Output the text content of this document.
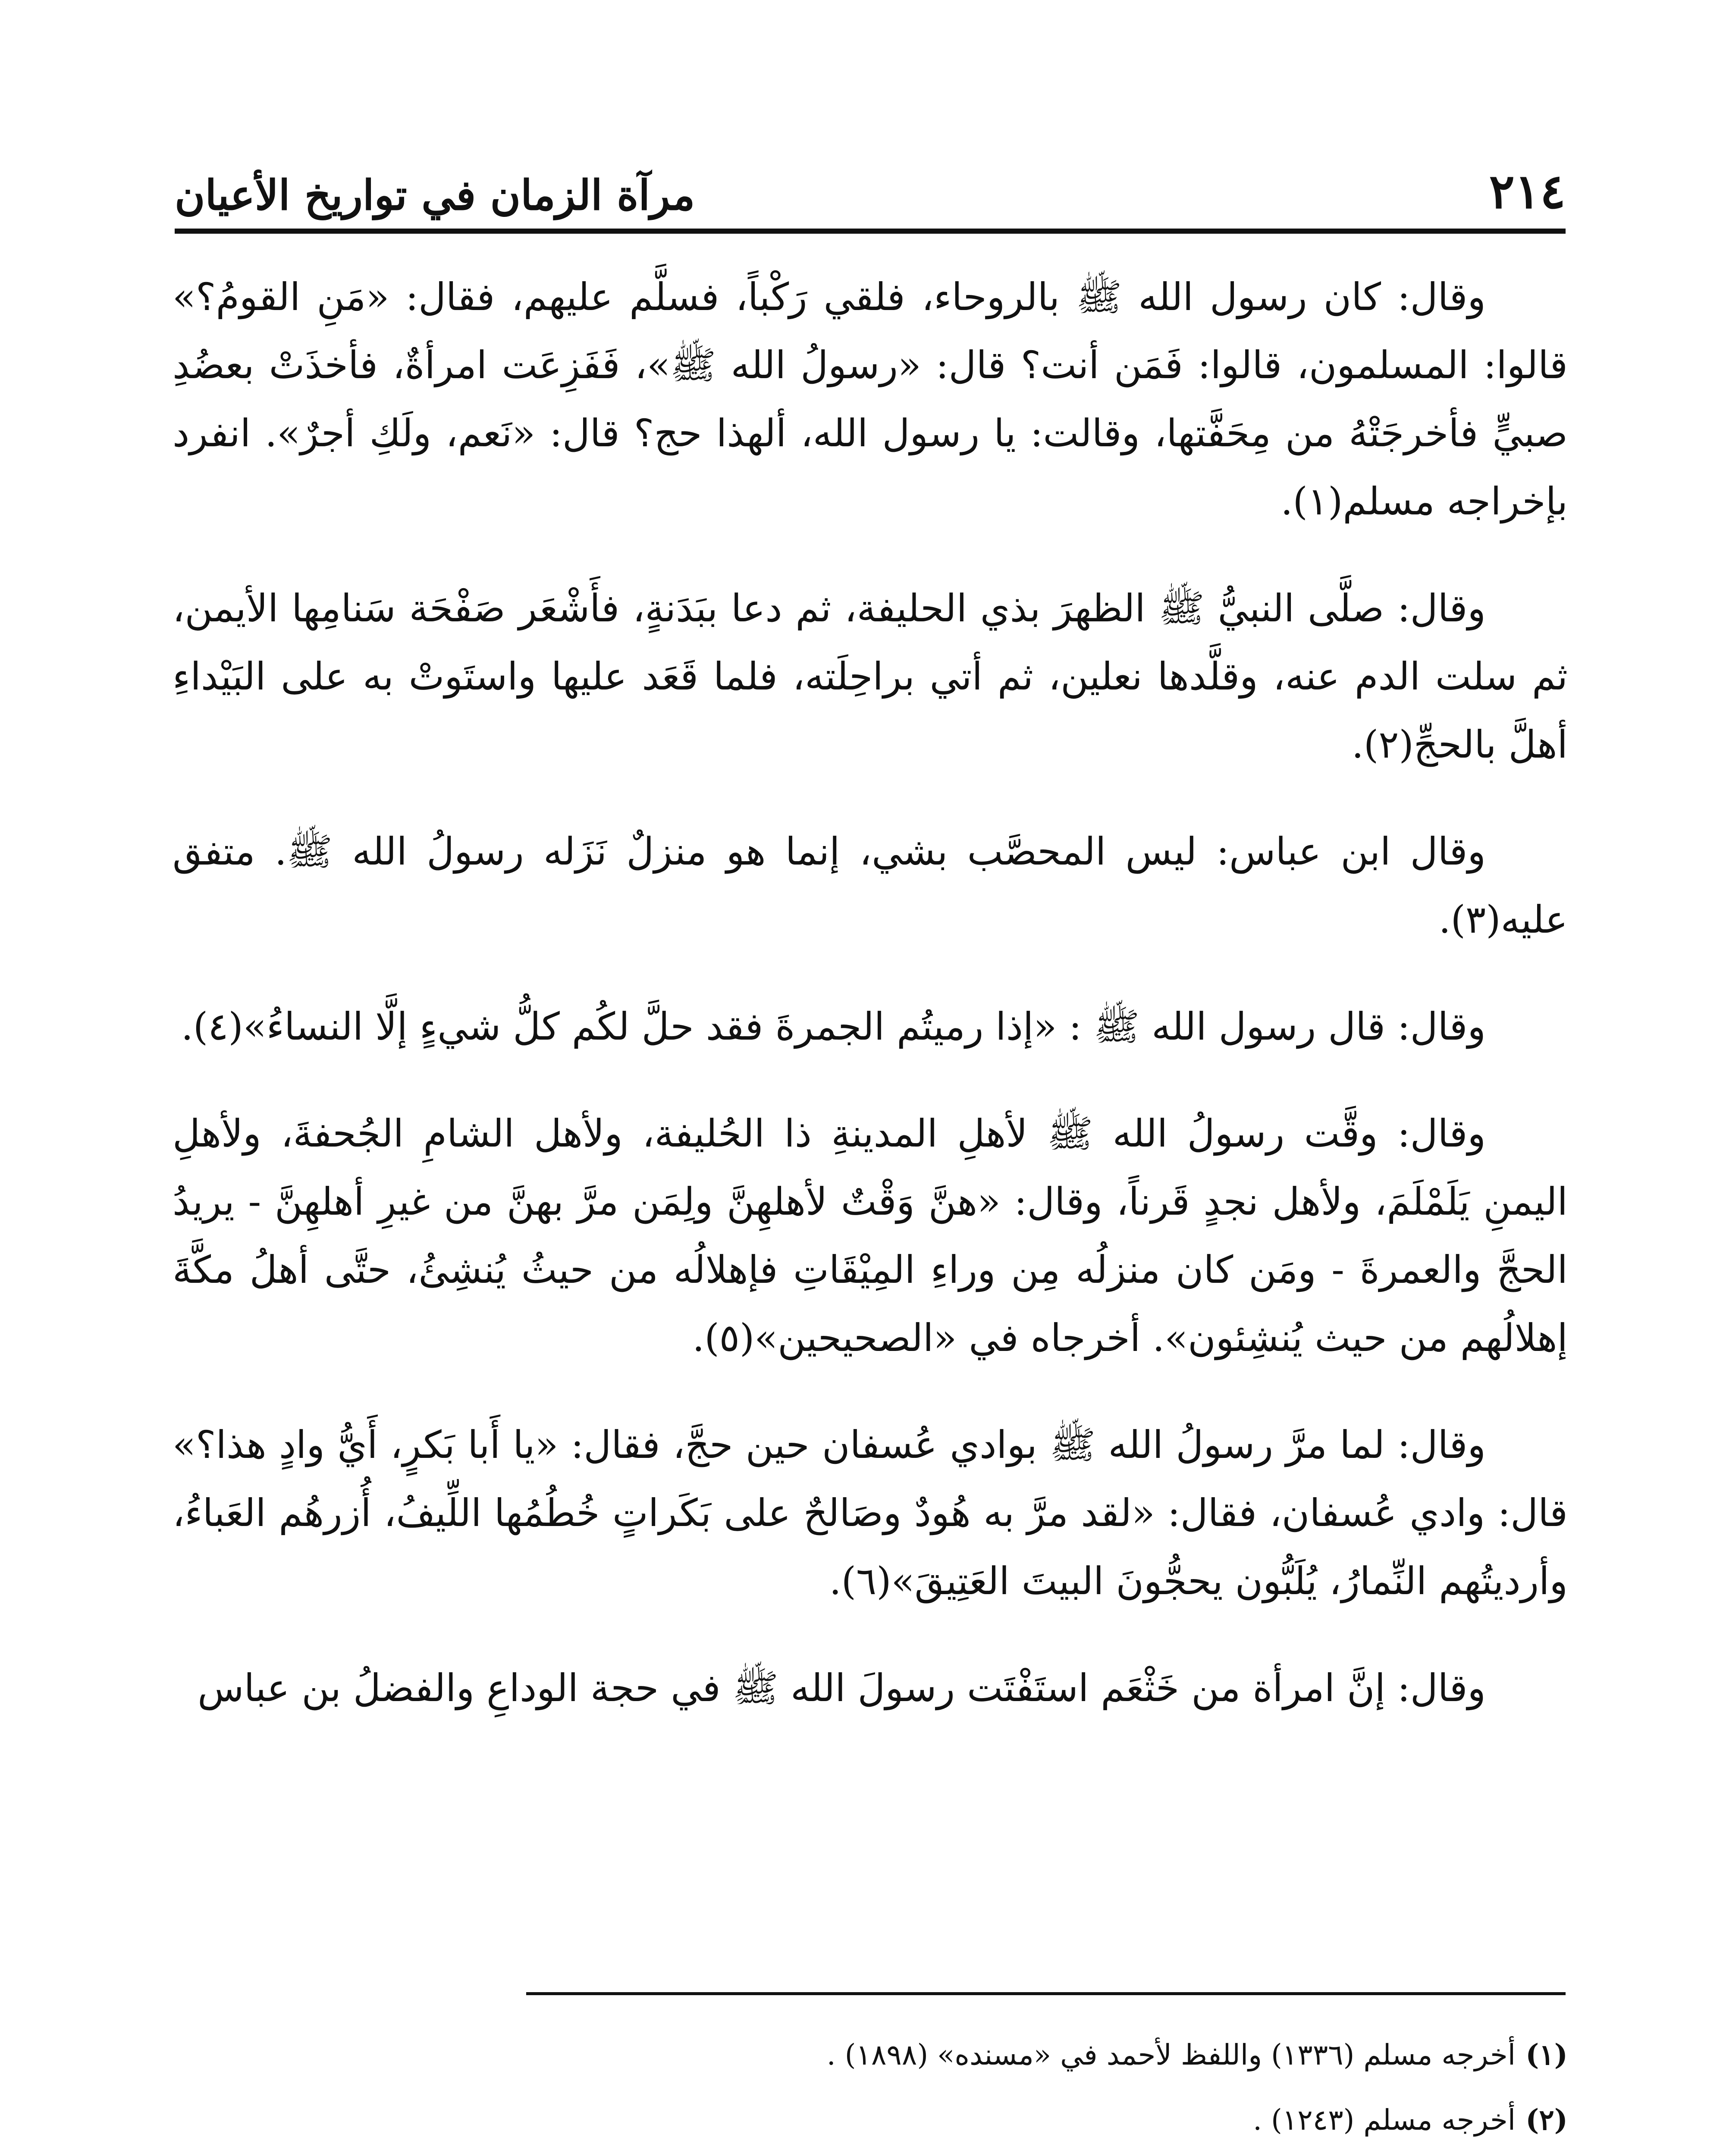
٢١٤
مرآة الزمان في تواريخ الأعيان

وقال: كان رسول الله ﷺ بالروحاء، فلقي رَكْباً، فسلَّم عليهم، فقال: «مَنِ القومُ؟» قالوا: المسلمون، قالوا: فَمَن أنت؟ قال: «رسولُ الله ﷺ»، فَفَزِعَت امرأةٌ، فأخذَتْ بعضُدِ صبيٍّ فأخرجَتْهُ من مِحَفَّتها، وقالت: يا رسول الله، ألهذا حج؟ قال: «نَعم، ولَكِ أجرٌ». انفرد بإخراجه مسلم(١).

وقال: صلَّى النبيُّ ﷺ الظهرَ بذي الحليفة، ثم دعا ببَدَنةٍ، فأَشْعَر صَفْحَة سَنامِها الأيمن، ثم سلت الدم عنه، وقلَّدها نعلين، ثم أتي براحِلَته، فلما قَعَد عليها واستَوتْ به على البَيْداءِ أهلَّ بالحجِّ(٢).

وقال ابن عباس: ليس المحصَّب بشي، إنما هو منزلٌ نَزَله رسولُ الله ﷺ. متفق عليه(٣).

وقال: قال رسول الله ﷺ : «إذا رميتُم الجمرةَ فقد حلَّ لكُم كلُّ شيءٍ إلَّا النساءُ»(٤).

وقال: وقَّت رسولُ الله ﷺ لأهلِ المدينةِ ذا الحُليفة، ولأهل الشامِ الجُحفةَ، ولأهلِ اليمنِ يَلَمْلَمَ، ولأهل نجدٍ قَرناً، وقال: «هنَّ وَقْتٌ لأهلهِنَّ ولِمَن مرَّ بهنَّ من غيرِ أهلهِنَّ - يريدُ الحجَّ والعمرةَ - ومَن كان منزلُه مِن وراءِ المِيْقَاتِ فإهلالُه من حيثُ يُنشِئُ، حتَّى أهلُ مكَّةَ إهلالُهم من حيث يُنشِئون». أخرجاه في «الصحيحين»(٥).

وقال: لما مرَّ رسولُ الله ﷺ بوادي عُسفان حين حجَّ، فقال: «يا أَبا بَكرٍ، أَيُّ وادٍ هذا؟» قال: وادي عُسفان، فقال: «لقد مرَّ به هُودٌ وصَالحٌ على بَكَراتٍ خُطُمُها اللِّيفُ، أُزرهُم العَباءُ، وأرديتُهم النِّمارُ، يُلَبُّون يحجُّونَ البيتَ العَتِيقَ»(٦).

وقال: إنَّ امرأة من خَثْعَم استَفْتَت رسولَ الله ﷺ في حجة الوداعِ والفضلُ بن عباس

(١) أخرجه مسلم (١٣٣٦) واللفظ لأحمد في «مسنده» (١٨٩٨) .

(٢) أخرجه مسلم (١٢٤٣) .
